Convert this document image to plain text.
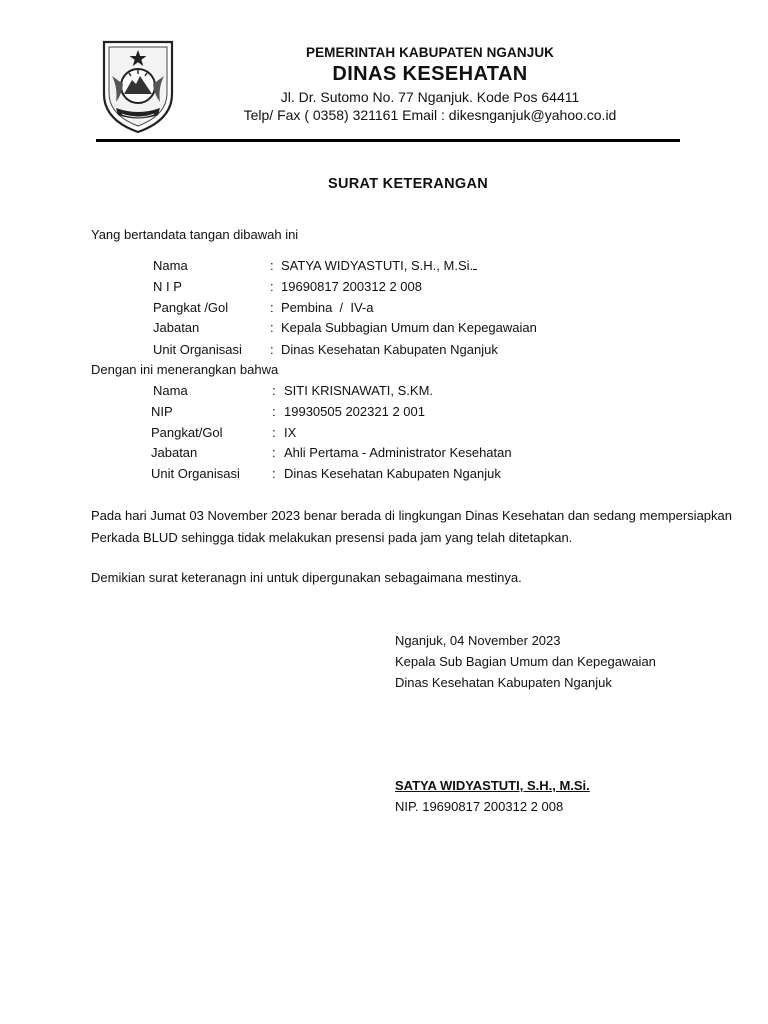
PEMERINTAH KABUPATEN NGANJUK
DINAS KESEHATAN
Jl. Dr. Sutomo No. 77 Nganjuk. Kode Pos 64411
Telp/ Fax ( 0358) 321161 Email : dikesnganjuk@yahoo.co.id
SURAT KETERANGAN
Yang bertandata tangan dibawah ini
Nama	: SATYA WIDYASTUTI, S.H., M.Si.
N I P	: 19690817 200312 2 008
Pangkat /Gol	: Pembina  /  IV-a
Jabatan	: Kepala Subbagian Umum dan Kepegawaian
Unit Organisasi : Dinas Kesehatan Kabupaten Nganjuk
Dengan ini menerangkan bahwa
Nama	: SITI KRISNAWATI, S.KM.
NIP	: 19930505 202321 2 001
Pangkat/Gol	: IX
Jabatan	: Ahli Pertama - Administrator Kesehatan
Unit Organisasi : Dinas Kesehatan Kabupaten Nganjuk
Pada hari Jumat 03 November 2023 benar berada di lingkungan Dinas Kesehatan dan sedang mempersiapkan Perkada BLUD sehingga tidak melakukan presensi pada jam yang telah ditetapkan.
Demikian surat keteranagn ini untuk dipergunakan sebagaimana mestinya.
Nganjuk, 04 November 2023
Kepala Sub Bagian Umum dan Kepegawaian
Dinas Kesehatan Kabupaten Nganjuk
SATYA WIDYASTUTI, S.H., M.Si.
NIP. 19690817 200312 2 008
